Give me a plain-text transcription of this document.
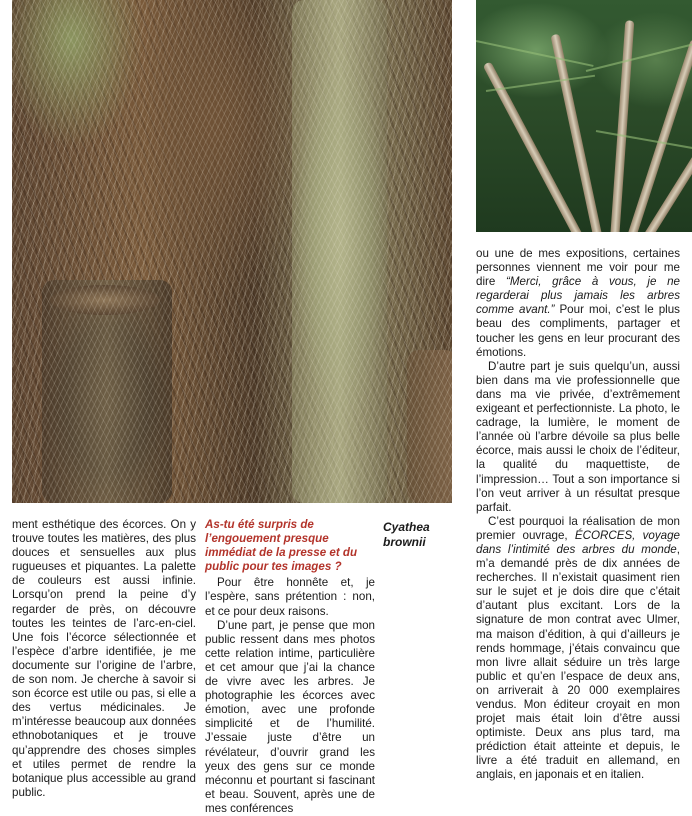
ment esthétique des écorces. On y trouve toutes les matières, des plus douces et sensuelles aux plus rugueuses et piquantes. La palette de couleurs est aussi infinie. Lorsqu’on prend la peine d’y regarder de près, on découvre toutes les teintes de l’arc-en-ciel. Une fois l’écorce sélectionnée et l’espèce d’arbre identifiée, je me documente sur l’origine de l’arbre, de son nom. Je cherche à savoir si son écorce est utile ou pas, si elle a des vertus médicinales. Je m’intéresse beaucoup aux données ethnobotaniques et je trouve qu’apprendre des choses simples et utiles permet de rendre la botanique plus accessible au grand public.

As-tu été surpris de l’engouement presque immédiat de la presse et du public pour tes images ?

Pour être honnête et, je l’espère, sans prétention : non, et ce pour deux raisons.

D’une part, je pense que mon public ressent dans mes photos cette relation intime, particulière et cet amour que j’ai la chance de vivre avec les arbres. Je photographie les écorces avec émotion, avec une profonde simplicité et de l’humilité. J’essaie juste d’être un révélateur, d’ouvrir grand les yeux des gens sur ce monde méconnu et pourtant si fascinant et beau. Souvent, après une de mes conférences

Cyathea
brownii

ou une de mes expositions, certaines personnes viennent me voir pour me dire “Merci, grâce à vous, je ne regarderai plus jamais les arbres comme avant.” Pour moi, c’est le plus beau des compliments, partager et toucher les gens en leur procurant des émotions.

D’autre part je suis quelqu’un, aussi bien dans ma vie professionnelle que dans ma vie privée, d’extrêmement exigeant et perfectionniste. La photo, le cadrage, la lumière, le moment de l’année où l’arbre dévoile sa plus belle écorce, mais aussi le choix de l’éditeur, la qualité du maquettiste, de l’impression… Tout a son importance si l’on veut arriver à un résultat presque parfait.

C’est pourquoi la réalisation de mon premier ouvrage, ÉCORCES, voyage dans l’intimité des arbres du monde, m’a demandé près de dix années de recherches. Il n’existait quasiment rien sur le sujet et je dois dire que c’était d’autant plus excitant. Lors de la signature de mon contrat avec Ulmer, ma maison d’édition, à qui d’ailleurs je rends hommage, j’étais convaincu que mon livre allait séduire un très large public et qu’en l’espace de deux ans, on arriverait à 20 000 exemplaires vendus. Mon éditeur croyait en mon projet mais était loin d’être aussi optimiste. Deux ans plus tard, ma prédiction était atteinte et depuis, le livre a été traduit en allemand, en anglais, en japonais et en italien.
